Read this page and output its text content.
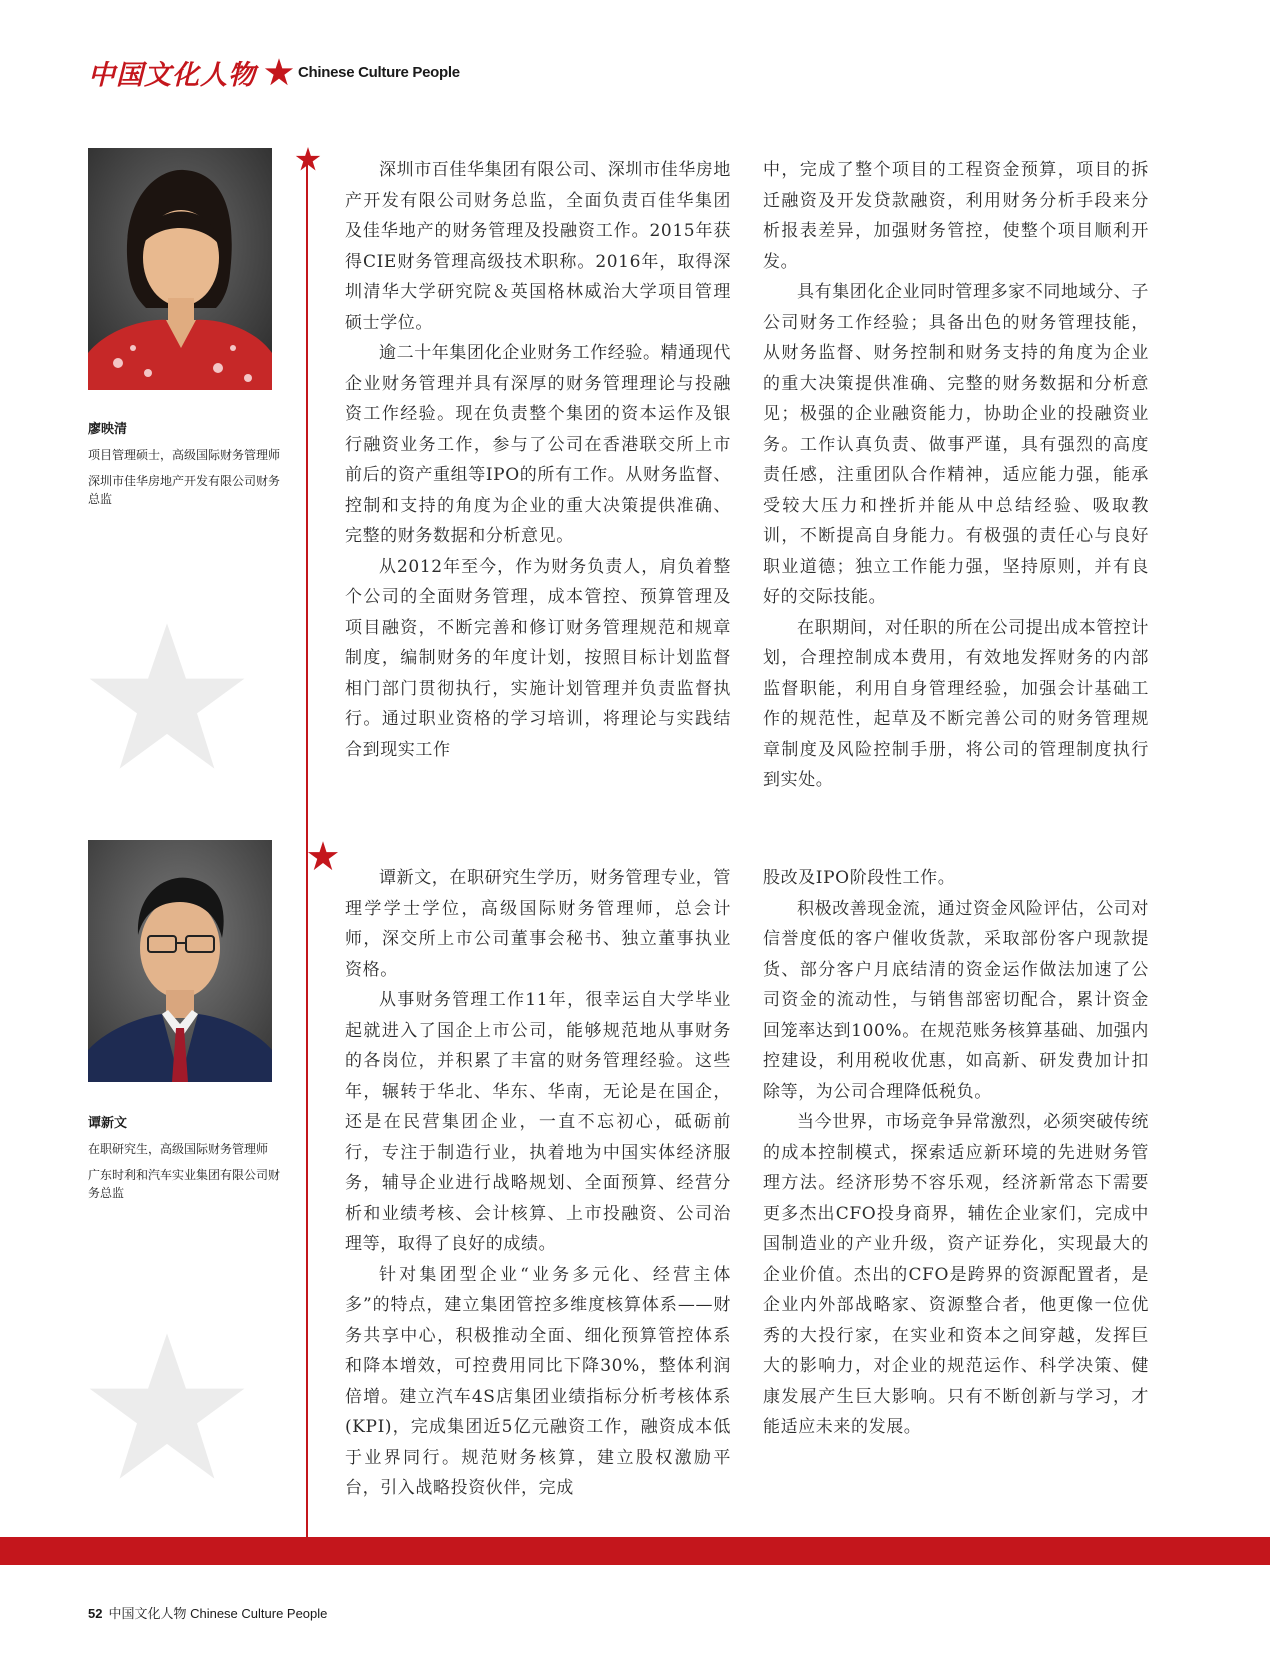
中国文化人物	Chinese Culture People
廖映清

项目管理硕士，高级国际财务管理师

深圳市佳华房地产开发有限公司财务总监

深圳市百佳华集团有限公司、深圳市佳华房地产开发有限公司财务总监，全面负责百佳华集团及佳华地产的财务管理及投融资工作。2015年获得CIE财务管理高级技术职称。2016年，取得深圳清华大学研究院＆英国格林威治大学项目管理硕士学位。

逾二十年集团化企业财务工作经验。精通现代企业财务管理并具有深厚的财务管理理论与投融资工作经验。现在负责整个集团的资本运作及银行融资业务工作，参与了公司在香港联交所上市前后的资产重组等IPO的所有工作。从财务监督、控制和支持的角度为企业的重大决策提供准确、完整的财务数据和分析意见。

从2012年至今，作为财务负责人，肩负着整个公司的全面财务管理，成本管控、预算管理及项目融资，不断完善和修订财务管理规范和规章制度，编制财务的年度计划，按照目标计划监督相门部门贯彻执行，实施计划管理并负责监督执行。通过职业资格的学习培训，将理论与实践结合到现实工作

中，完成了整个项目的工程资金预算，项目的拆迁融资及开发贷款融资，利用财务分析手段来分析报表差异，加强财务管控，使整个项目顺利开发。

具有集团化企业同时管理多家不同地域分、子公司财务工作经验；具备出色的财务管理技能，从财务监督、财务控制和财务支持的角度为企业的重大决策提供准确、完整的财务数据和分析意见；极强的企业融资能力，协助企业的投融资业务。工作认真负责、做事严谨，具有强烈的高度责任感，注重团队合作精神，适应能力强，能承受较大压力和挫折并能从中总结经验、吸取教训，不断提高自身能力。有极强的责任心与良好职业道德；独立工作能力强，坚持原则，并有良好的交际技能。

在职期间，对任职的所在公司提出成本管控计划，合理控制成本费用，有效地发挥财务的内部监督职能，利用自身管理经验，加强会计基础工作的规范性，起草及不断完善公司的财务管理规章制度及风险控制手册，将公司的管理制度执行到实处。

谭新文

在职研究生，高级国际财务管理师

广东时利和汽车实业集团有限公司财务总监

谭新文，在职研究生学历，财务管理专业，管理学学士学位，高级国际财务管理师，总会计师，深交所上市公司董事会秘书、独立董事执业资格。

从事财务管理工作11年，很幸运自大学毕业起就进入了国企上市公司，能够规范地从事财务的各岗位，并积累了丰富的财务管理经验。这些年，辗转于华北、华东、华南，无论是在国企，还是在民营集团企业，一直不忘初心，砥砺前行，专注于制造行业，执着地为中国实体经济服务，辅导企业进行战略规划、全面预算、经营分析和业绩考核、会计核算、上市投融资、公司治理等，取得了良好的成绩。

针对集团型企业“业务多元化、经营主体多”的特点，建立集团管控多维度核算体系——财务共享中心，积极推动全面、细化预算管控体系和降本增效，可控费用同比下降30%，整体利润倍增。建立汽车4S店集团业绩指标分析考核体系(KPI)，完成集团近5亿元融资工作，融资成本低于业界同行。规范财务核算，建立股权激励平台，引入战略投资伙伴，完成

股改及IPO阶段性工作。

积极改善现金流，通过资金风险评估，公司对信誉度低的客户催收货款，采取部份客户现款提货、部分客户月底结清的资金运作做法加速了公司资金的流动性，与销售部密切配合，累计资金回笼率达到100%。在规范账务核算基础、加强内控建设，利用税收优惠，如高新、研发费加计扣除等，为公司合理降低税负。

当今世界，市场竞争异常激烈，必须突破传统的成本控制模式，探索适应新环境的先进财务管理方法。经济形势不容乐观，经济新常态下需要更多杰出CFO投身商界，辅佐企业家们，完成中国制造业的产业升级，资产证券化，实现最大的企业价值。杰出的CFO是跨界的资源配置者，是企业内外部战略家、资源整合者，他更像一位优秀的大投行家，在实业和资本之间穿越，发挥巨大的影响力，对企业的规范运作、科学决策、健康发展产生巨大影响。只有不断创新与学习，才能适应未来的发展。

52 中国文化人物 Chinese Culture People
